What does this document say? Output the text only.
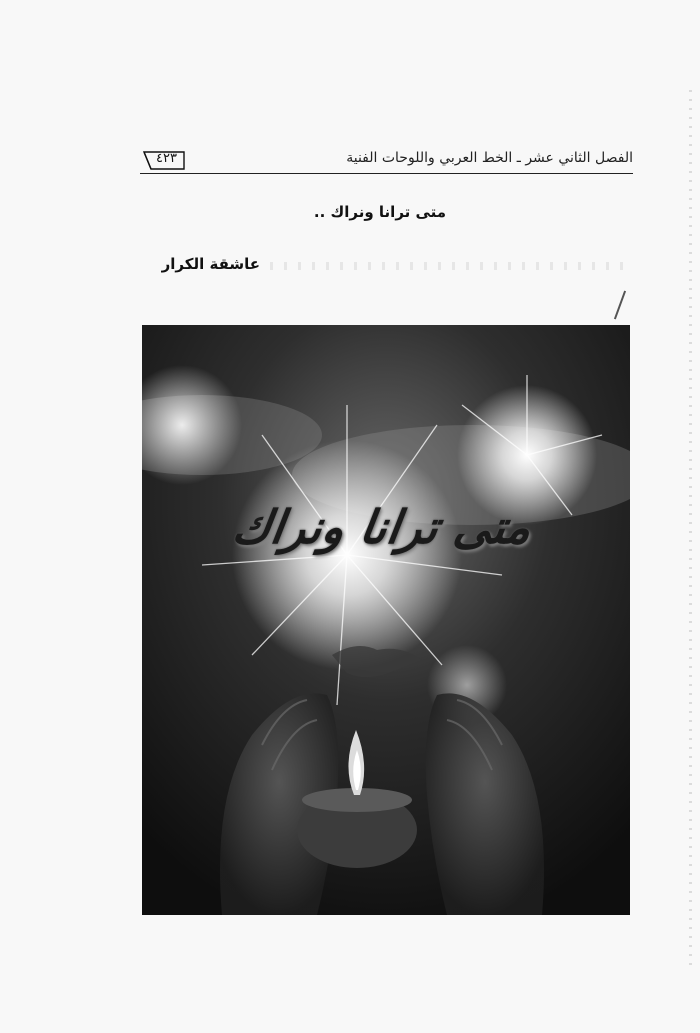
٤٢٣	الفصل الثاني عشر ـ الخط العربي واللوحات الفنية
متى ترانا ونراك ..
عاشقة الكرار
متى ترانا ونراك
